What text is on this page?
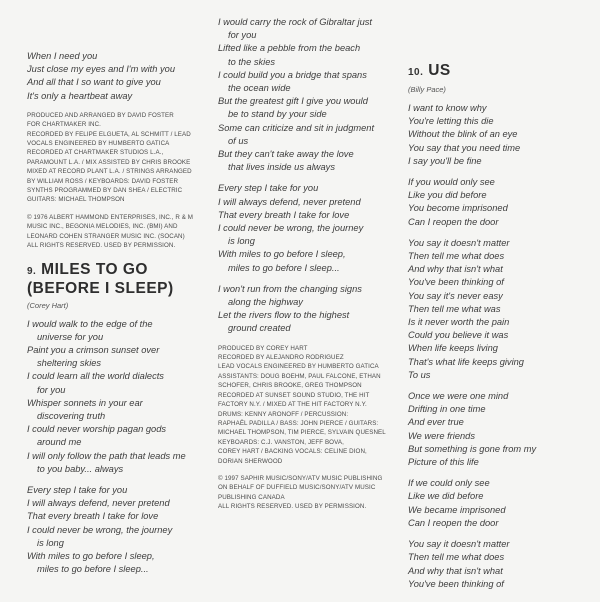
When I need you
Just close my eyes and I'm with you
And all that I so want to give you
It's only a heartbeat away
PRODUCED AND ARRANGED BY DAVID FOSTER
FOR CHARTMAKER INC.
RECORDED BY FELIPE ELGUETA, AL SCHMITT / LEAD
VOCALS ENGINEERED BY HUMBERTO GATICA
RECORDED AT CHARTMAKER STUDIOS L.A.,
PARAMOUNT L.A. / MIX ASSISTED BY CHRIS BROOKE
MIXED AT RECORD PLANT L.A. / STRINGS ARRANGED
BY WILLIAM ROSS / KEYBOARDS: DAVID FOSTER
SYNTHS PROGRAMMED BY DAN SHEA / ELECTRIC
GUITARS: MICHAEL THOMPSON
© 1976 ALBERT HAMMOND ENTERPRISES, INC., R & M
MUSIC INC., BEGONIA MELODIES, INC. (BMI) AND
LEONARD COHEN STRANGER MUSIC INC. (SOCAN)
ALL RIGHTS RESERVED. USED BY PERMISSION.
9. MILES TO GO
(BEFORE I SLEEP)
(Corey Hart)
I would walk to the edge of the
universe for you
Paint you a crimson sunset over
sheltering skies
I could learn all the world dialects
for you
Whisper sonnets in your ear
discovering truth
I could never worship pagan gods
around me
I will only follow the path that leads me
to you baby... always
Every step I take for you
I will always defend, never pretend
That every breath I take for love
I could never be wrong, the journey
is long
With miles to go before I sleep,
miles to go before I sleep...
I would carry the rock of Gibraltar just
for you
Lifted like a pebble from the beach
to the skies
I could build you a bridge that spans
the ocean wide
But the greatest gift I give you would
be to stand by your side
Some can criticize and sit in judgment
of us
But they can't take away the love
that lives inside us always
Every step I take for you
I will always defend, never pretend
That every breath I take for love
I could never be wrong, the journey
is long
With miles to go before I sleep,
miles to go before I sleep...
I won't run from the changing signs
along the highway
Let the rivers flow to the highest
ground created
PRODUCED BY COREY HART
RECORDED BY ALEJANDRO RODRIGUEZ
LEAD VOCALS ENGINEERED BY HUMBERTO GATICA
ASSISTANTS: DOUG BOEHM, PAUL FALCONE, ETHAN
SCHOFER, CHRIS BROOKE, GREG THOMPSON
RECORDED AT SUNSET SOUND STUDIO, THE HIT
FACTORY N.Y. / MIXED AT THE HIT FACTORY N.Y.
DRUMS: KENNY ARONOFF / PERCUSSION:
RAPHAËL PADILLA / BASS: JOHN PIERCE / GUITARS:
MICHAEL THOMPSON, TIM PIERCE, SYLVAIN QUESNEL
KEYBOARDS: C.J. VANSTON, JEFF BOVA,
COREY HART / BACKING VOCALS: CELINE DION,
DORIAN SHERWOOD
© 1997 SAPHIR MUSIC/SONY/ATV MUSIC PUBLISHING
ON BEHALF OF DUFFIELD MUSIC/SONY/ATV MUSIC
PUBLISHING CANADA
ALL RIGHTS RESERVED. USED BY PERMISSION.
10. US
(Billy Pace)
I want to know why
You're letting this die
Without the blink of an eye
You say that you need time
I say you'll be fine
If you would only see
Like you did before
You become imprisoned
Can I reopen the door
You say it doesn't matter
Then tell me what does
And why that isn't what
You've been thinking of
You say it's never easy
Then tell me what was
Is it never worth the pain
Could you believe it was
When life keeps living
That's what life keeps giving
To us
Once we were one mind
Drifting in one time
And ever true
We were friends
But something is gone from my
Picture of this life
If we could only see
Like we did before
We became imprisoned
Can I reopen the door
You say it doesn't matter
Then tell me what does
And why that isn't what
You've been thinking of
